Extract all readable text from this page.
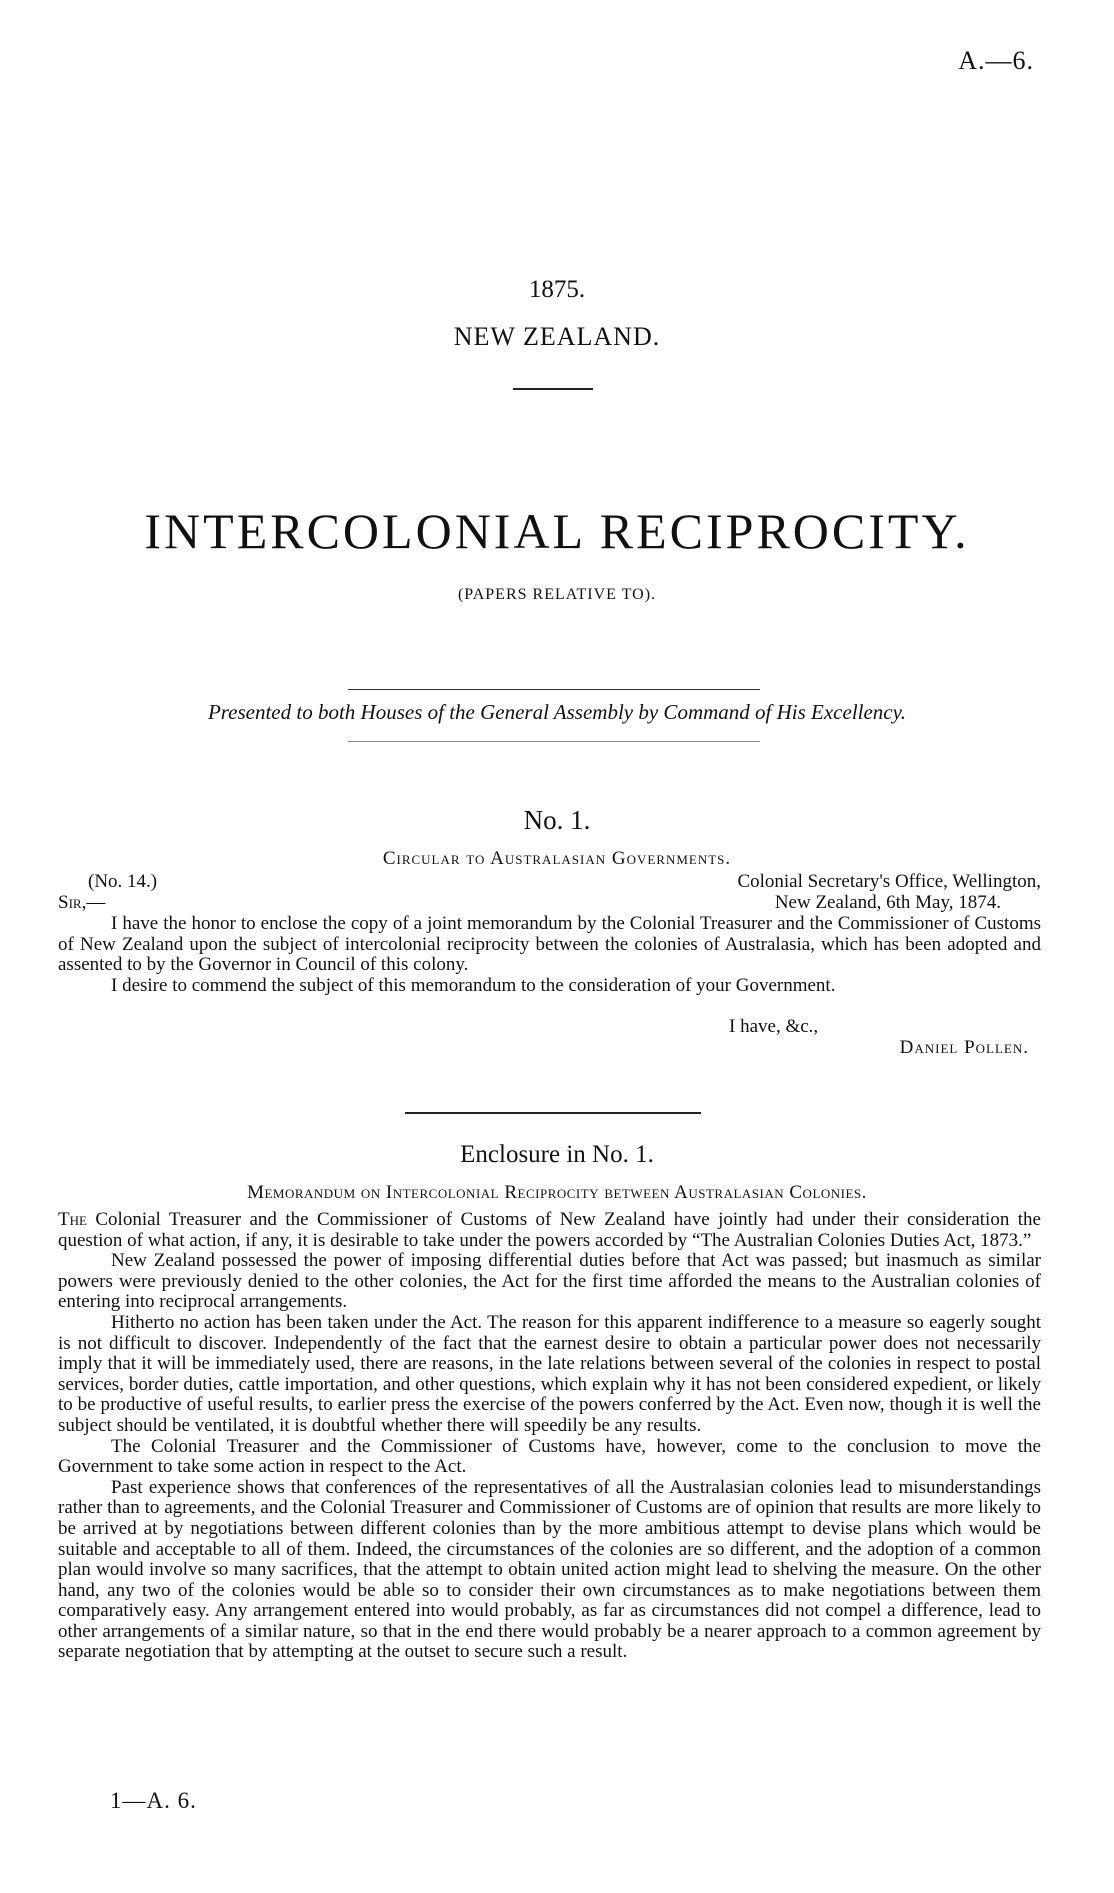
A.—6.
1875.
NEW ZEALAND.
INTERCOLONIAL RECIPROCITY.
(PAPERS RELATIVE TO).
Presented to both Houses of the General Assembly by Command of His Excellency.
No. 1.
Circular to Australasian Governments.
(No. 14.)	Colonial Secretary's Office, Wellington,
Sir,—	New Zealand, 6th May, 1874.

I have the honor to enclose the copy of a joint memorandum by the Colonial Treasurer and the Commissioner of Customs of New Zealand upon the subject of intercolonial reciprocity between the colonies of Australasia, which has been adopted and assented to by the Governor in Council of this colony.

I desire to commend the subject of this memorandum to the consideration of your Government.

I have, &c.,
Daniel Pollen.
Enclosure in No. 1.
Memorandum on Intercolonial Reciprocity between Australasian Colonies.

The Colonial Treasurer and the Commissioner of Customs of New Zealand have jointly had under their consideration the question of what action, if any, it is desirable to take under the powers accorded by “The Australian Colonies Duties Act, 1873.”

New Zealand possessed the power of imposing differential duties before that Act was passed; but inasmuch as similar powers were previously denied to the other colonies, the Act for the first time afforded the means to the Australian colonies of entering into reciprocal arrangements.

Hitherto no action has been taken under the Act. The reason for this apparent indifference to a measure so eagerly sought is not difficult to discover. Independently of the fact that the earnest desire to obtain a particular power does not necessarily imply that it will be immediately used, there are reasons, in the late relations between several of the colonies in respect to postal services, border duties, cattle importation, and other questions, which explain why it has not been considered expedient, or likely to be productive of useful results, to earlier press the exercise of the powers conferred by the Act. Even now, though it is well the subject should be ventilated, it is doubtful whether there will speedily be any results.

The Colonial Treasurer and the Commissioner of Customs have, however, come to the conclusion to move the Government to take some action in respect to the Act.

Past experience shows that conferences of the representatives of all the Australasian colonies lead to misunderstandings rather than to agreements, and the Colonial Treasurer and Commissioner of Customs are of opinion that results are more likely to be arrived at by negotiations between different colonies than by the more ambitious attempt to devise plans which would be suitable and acceptable to all of them. Indeed, the circumstances of the colonies are so different, and the adoption of a common plan would involve so many sacrifices, that the attempt to obtain united action might lead to shelving the measure. On the other hand, any two of the colonies would be able so to consider their own circumstances as to make negotiations between them comparatively easy. Any arrangement entered into would probably, as far as circumstances did not compel a difference, lead to other arrangements of a similar nature, so that in the end there would probably be a nearer approach to a common agreement by separate negotiation that by attempting at the outset to secure such a result.

1—A. 6.
